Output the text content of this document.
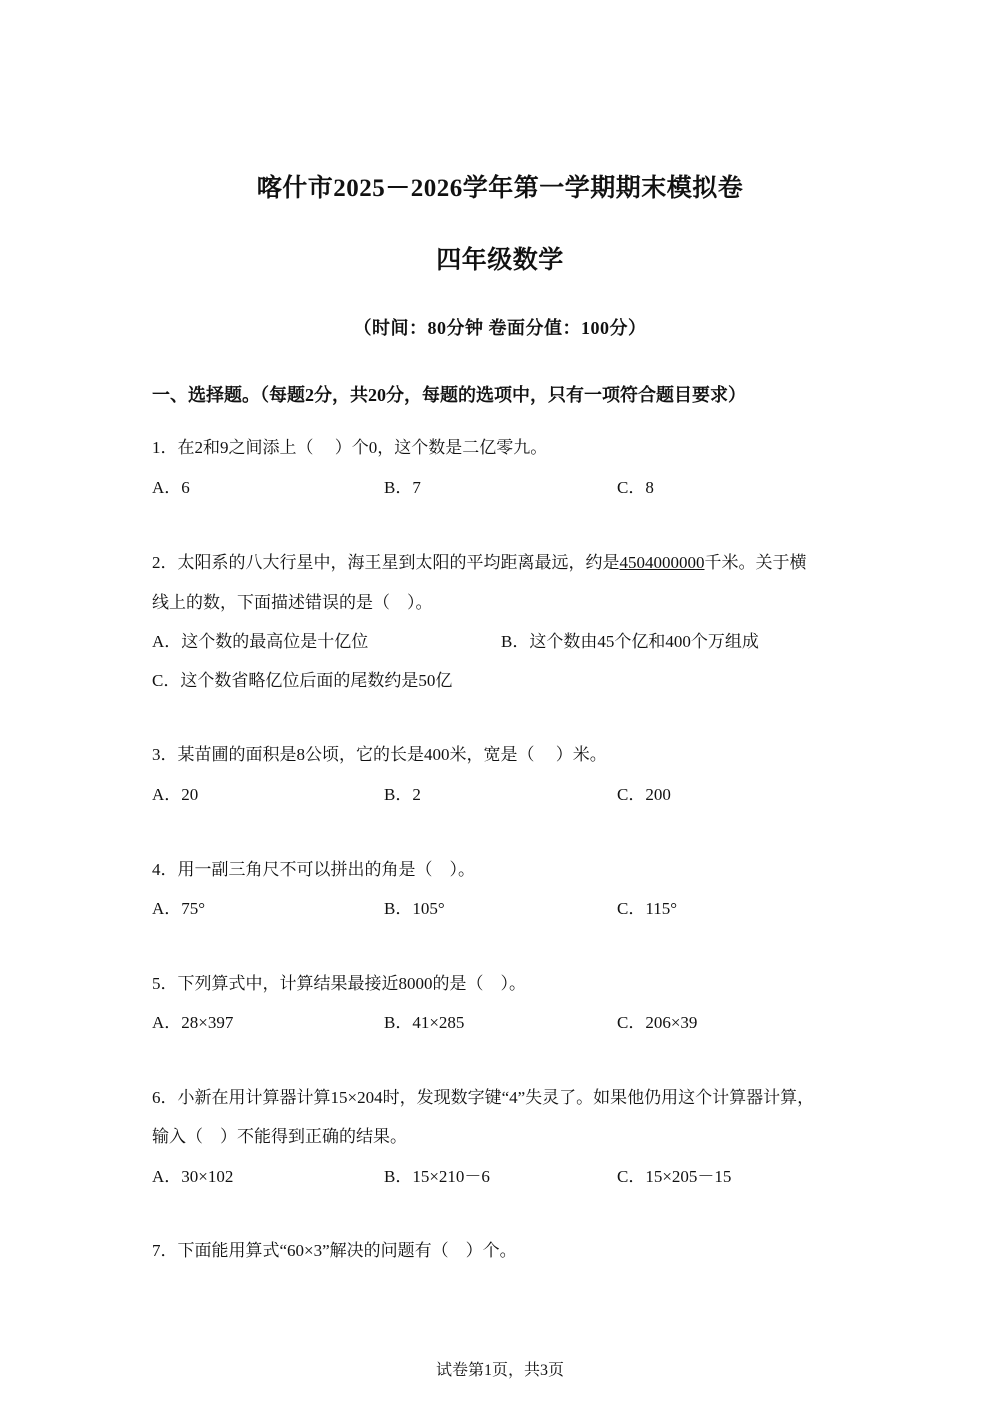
喀什市2025－2026学年第一学期期末模拟卷
四年级数学
（时间：80分钟 卷面分值：100分）
一、选择题。（每题2分，共20分，每题的选项中，只有一项符合题目要求）
1．在2和9之间添上（　 ）个0，这个数是二亿零九。
A．6	B．7	C．8
2．太阳系的八大行星中，海王星到太阳的平均距离最远，约是4504000000千米。关于横
线上的数，下面描述错误的是（　）。
A．这个数的最高位是十亿位	B．这个数由45个亿和400个万组成
C．这个数省略亿位后面的尾数约是50亿
3．某苗圃的面积是8公顷，它的长是400米，宽是（　 ）米。
A．20	B．2	C．200
4．用一副三角尺不可以拼出的角是（　）。
A．75°	B．105°	C．115°
5．下列算式中，计算结果最接近8000的是（　）。
A．28×397	B．41×285	C．206×39
6．小新在用计算器计算15×204时，发现数字键“4”失灵了。如果他仍用这个计算器计算，
输入（　）不能得到正确的结果。
A．30×102	B．15×210－6	C．15×205－15
7．下面能用算式“60×3”解决的问题有（　）个。
试卷第1页，共3页
